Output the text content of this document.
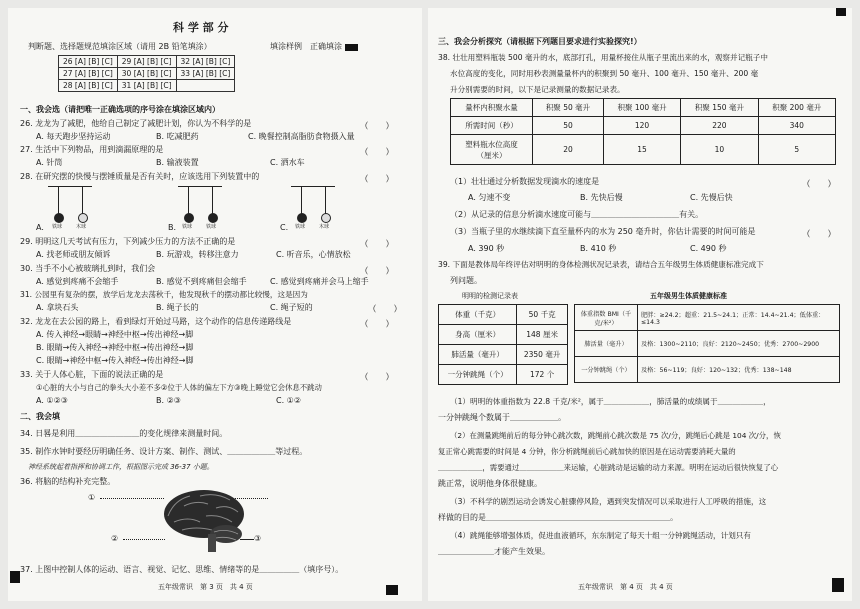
科 学 部 分
判断题、选择题规范填涂区域（请用 2B 铅笔填涂）	填涂样例 正确填涂
26 [A] [B] [C]	29 [A] [B] [C]	32 [A] [B] [C]
27 [A] [B] [C]	30 [A] [B] [C]	33 [A] [B] [C]
28 [A] [B] [C]	31 [A] [B] [C]	
一、我会选（请把唯一正确选项的序号涂在填涂区域内）
26. 龙龙为了减肥，他给自己制定了减肥计划，你认为不科学的是	（　　）
A. 每天跑步坚持运动	B. 吃减肥药	C. 晚餐控制高脂肪食物摄入量
27. 生活中下列物品，用到滴漏原理的是	（　　）
A. 针筒	B. 输液装置	C. 洒水车
28. 在研究摆的快慢与摆锤质量是否有关时，应该选用下列装置中的	（　　）
铁球	木球	铁球	铁球	铁球	木球
A.	B.	C.
29. 明明这几天考试有压力，下列减少压力的方法不正确的是	（　　）
A. 找老师或朋友倾诉	B. 玩游戏，转移注意力	C. 听音乐，心情放松
30. 当手不小心被玻璃扎到时，我们会	（　　）
A. 感觉到疼痛不会缩手	B. 感觉不到疼痛但会缩手	C. 感觉到疼痛并会马上缩手
31. 公园里有复杂的摆，放学后龙龙去荡秋千，他发现秋千的摆动都比较慢，这是因为
（　　）
A. 拿块石头	B. 绳子长的	C. 绳子短的
32. 龙龙在去公园的路上，看到绿灯开始过马路，这个动作的信息传递路线是	（　　）
A. 传入神经→眼睛→神经中枢→传出神经→脚
B. 眼睛→传入神经→神经中枢→传出神经→脚
C. 眼睛→神经中枢→传入神经→传出神经→脚
33. 关于人体心脏，下面的说法正确的是	（　　）
①心脏的大小与自己的拳头大小差不多②位于人体的偏左下方③晚上睡觉它会休息不跳动
A. ①②③	B. ②③	C. ①②
二、我会填
34. 日晷是利用＿＿＿＿＿＿＿＿的变化规律来测量时间。
35. 制作水钟时要经历明确任务、设计方案、制作、测试、＿＿＿＿＿＿等过程。
神经系统起着指挥和协调工作，根据图示完成 36-37 小题。
36. 将脑的结构补充完整。
①
②	③
37. 上图中控制人体的运动、语言、视觉、记忆、思维、情绪等的是＿＿＿＿＿（填序号）。
五年级常识　第 3 页　共 4 页
三、我会分析探究（请根据下列题目要求进行实验探究!）
38. 壮壮用塑料瓶装 500 毫升的水，底部打孔，用量杯接住从瓶子里流出来的水，观察并记瓶子中
水位高度的变化，同时用秒表测量量杯内的积聚到 50 毫升、100 毫升、150 毫升、200 毫
升分别需要的时间，以下是记录测量的数据记录表。
量杯内积聚水量	积聚 50 毫升	积聚 100 毫升	积聚 150 毫升	积聚 200 毫升
所需时间（秒）	50	120	220	340
塑料瓶水位高度
（厘米）	20	15	10	5
（1）壮壮通过分析数据发现滴水的速度是	（　　）
A. 匀速不变	B. 先快后慢	C. 先慢后快
（2）从记录的信息分析滴水速度可能与＿＿＿＿＿＿＿＿＿＿＿有关。
（3）当瓶子里的水继续滴下直至量杯内的水为 250 毫升时，你估计需要的时间可能是	（　　）
A. 390 秒	B. 410 秒	C. 490 秒
39. 下面是教体局年终评估对明明的身体检测状况记录表，请结合五年级男生体质健康标准完成下
列问题。
明明的检测记录表
体重（千克）	50 千克
身高（厘米）	148 厘米
肺活量（毫升）	2350 毫升
一分钟跳绳（个）	172 个
五年级男生体质健康标准
体重指数 BMI（千克/米²）	肥胖：≥24.2；超重：21.5~24.1；正常：14.4~21.4；低体重：≤14.3
肺活量（毫升）	及格：1300~2110；良好：2120~2450；优秀：2700~2900
一分钟跳绳（个）	及格：56~119；良好：120~132；优秀：138~148
（1）明明的体重指数为 22.8 千克/米²，属于＿＿＿＿＿＿，肺活量的成绩属于＿＿＿＿＿＿，
一分钟跳绳个数属于＿＿＿＿＿＿。
（2）在测量跳绳前后的每分钟心跳次数，跳绳前心跳次数是 75 次/分，跳绳后心跳是 104 次/分，恢
复正常心跳需要的时间是 4 分钟，你分析跳绳前后心跳加快的原因是在运动需要消耗大量的
＿＿＿＿＿＿，需要通过＿＿＿＿＿＿来运输，心脏跳动是运输的动力来源。明明在运动后很快恢复了心
跳正常，说明他身体很健康。
（3）不科学的剧烈运动会诱发心脏骤停风险，遇到突发情况可以采取进行人工呼吸的措施，这
样做的目的是＿＿＿＿＿＿＿＿＿＿＿＿＿＿＿＿＿＿＿＿＿＿＿。
（4）跳绳能够增强体质，促进血液循环，东东制定了每天十组一分钟跳绳活动，计划只有
＿＿＿＿＿＿＿才能产生效果。
五年级常识　第 4 页　共 4 页
